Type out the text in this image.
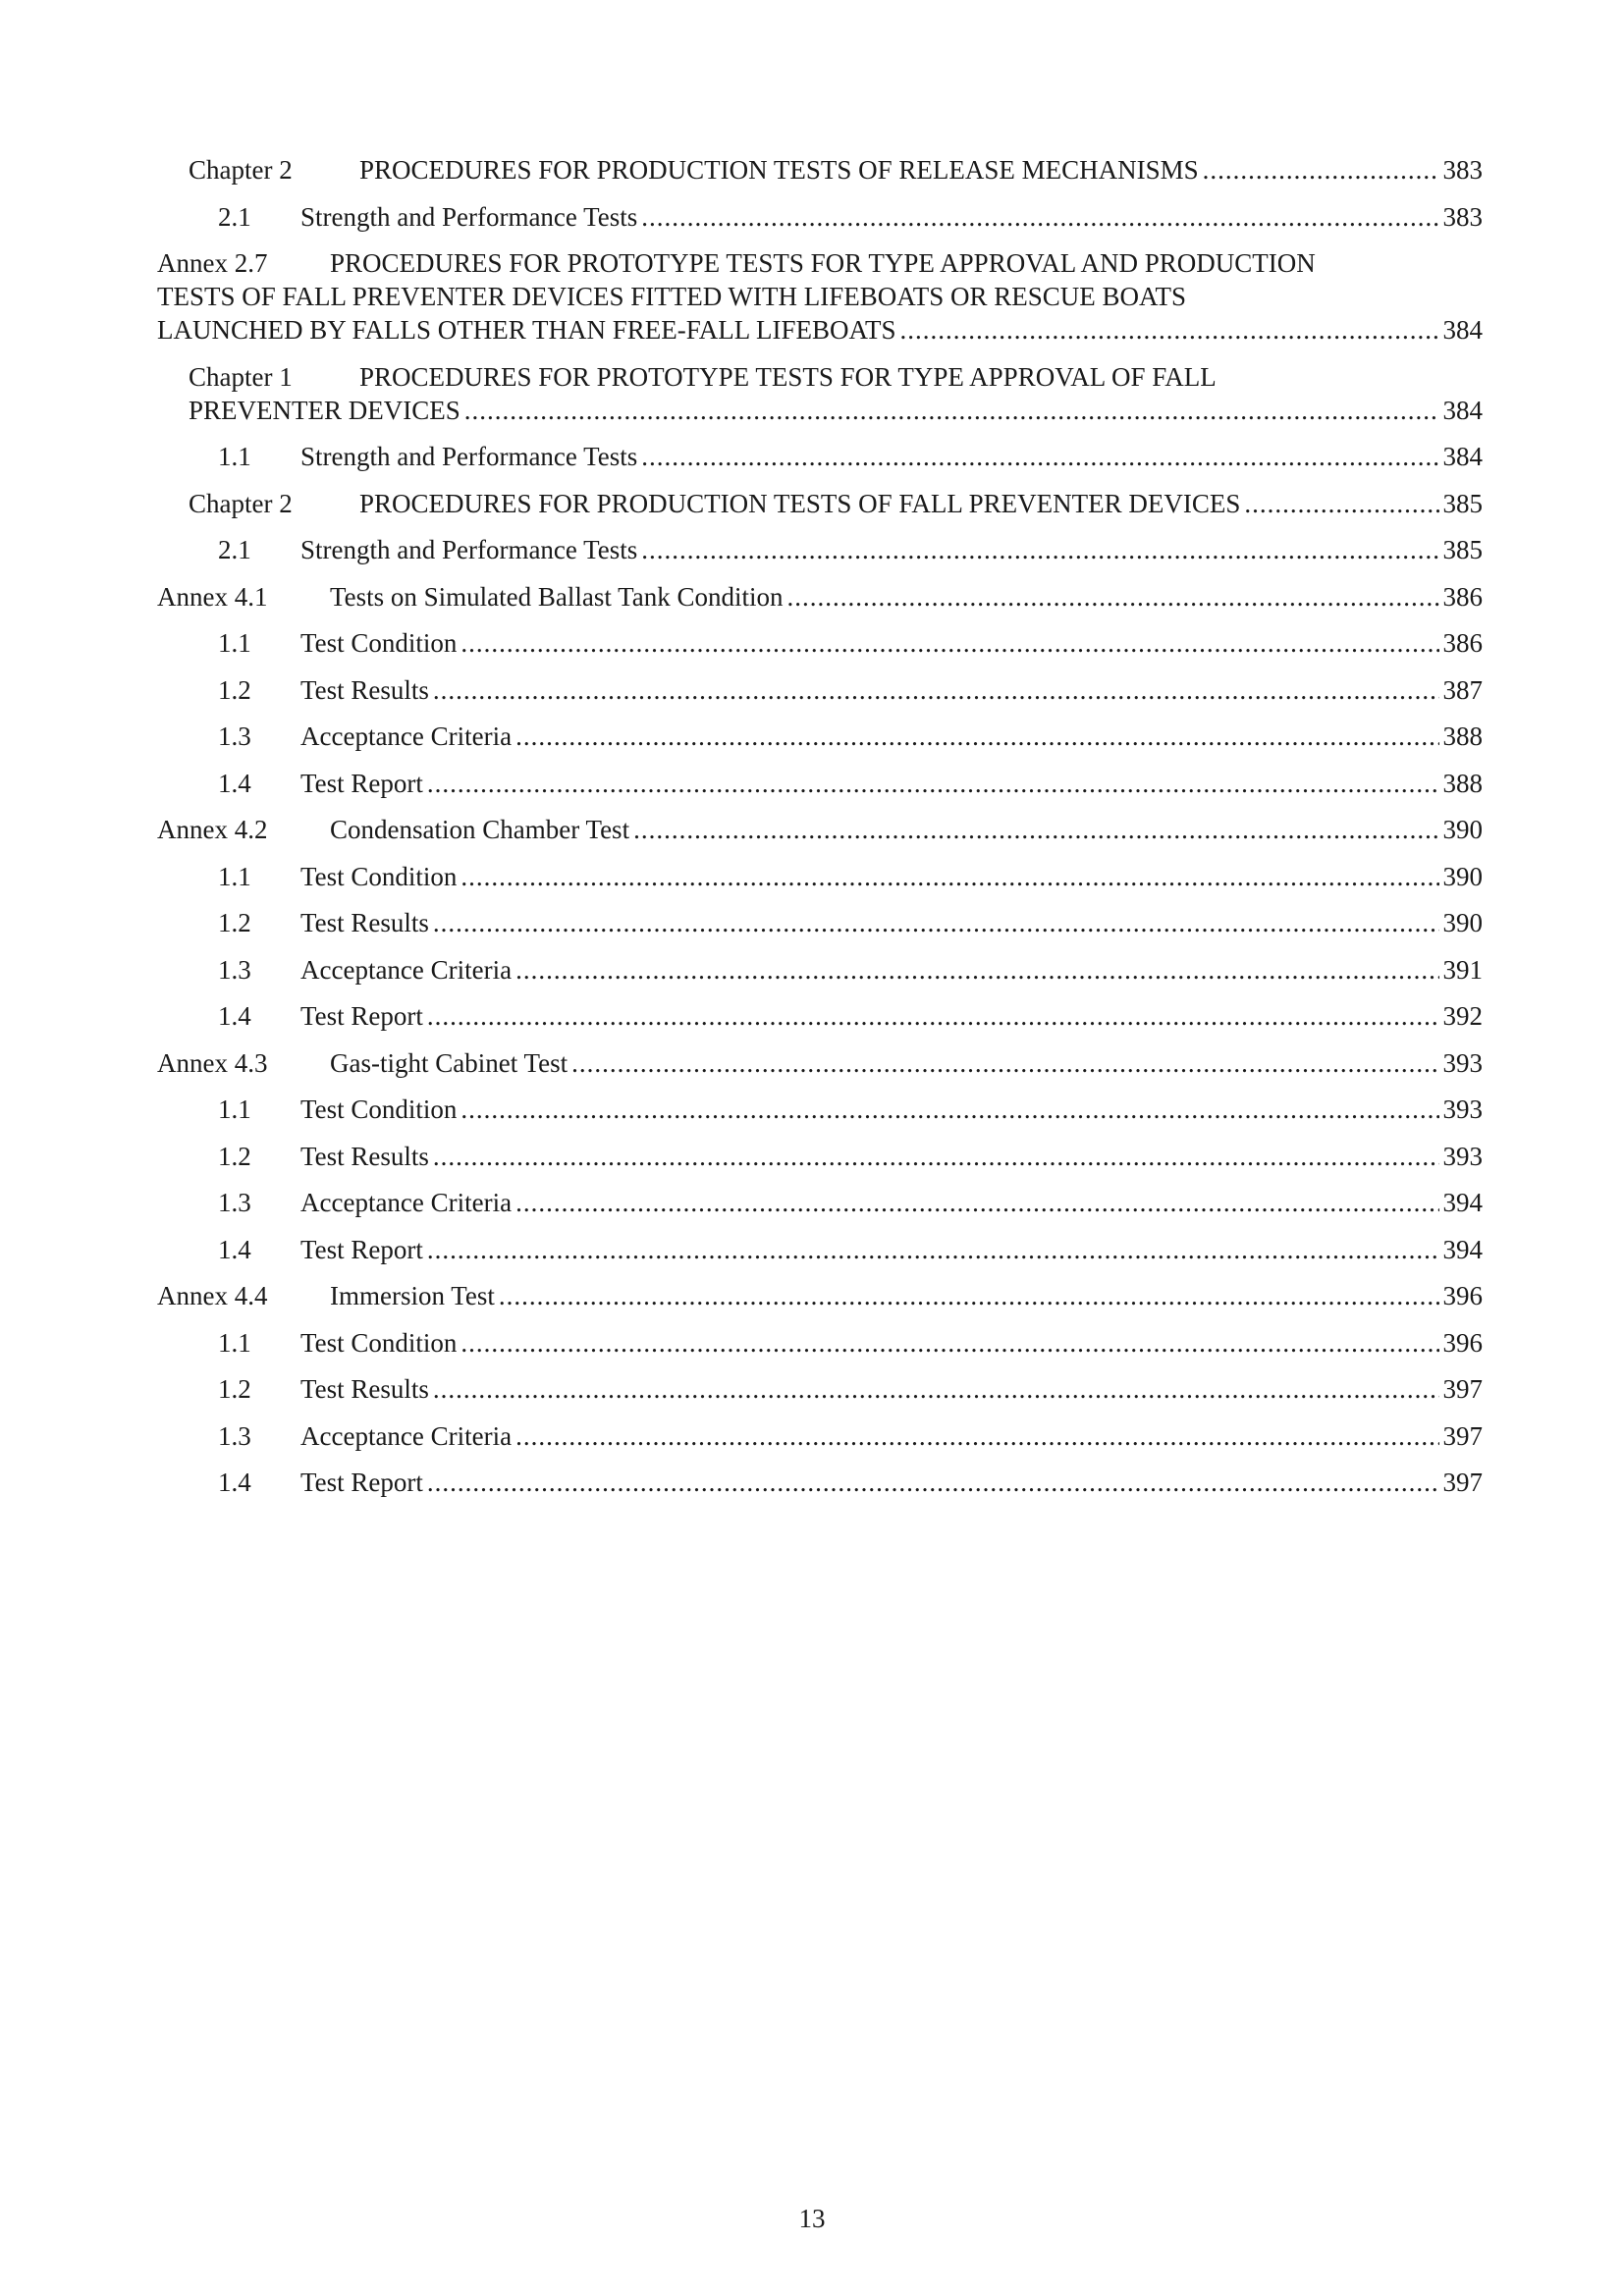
Chapter 2	PROCEDURES FOR PRODUCTION TESTS OF RELEASE MECHANISMS .....	383
2.1	Strength and Performance Tests .....	383
Annex 2.7	PROCEDURES FOR PROTOTYPE TESTS FOR TYPE APPROVAL AND PRODUCTION
TESTS OF FALL PREVENTER DEVICES FITTED WITH LIFEBOATS OR RESCUE BOATS
LAUNCHED BY FALLS OTHER THAN FREE-FALL LIFEBOATS .....	384
Chapter 1	PROCEDURES FOR PROTOTYPE TESTS FOR TYPE APPROVAL OF FALL
PREVENTER DEVICES .....	384
1.1	Strength and Performance Tests .....	384
Chapter 2	PROCEDURES FOR PRODUCTION TESTS OF FALL PREVENTER DEVICES .....	385
2.1	Strength and Performance Tests .....	385
Annex 4.1	Tests on Simulated Ballast Tank Condition .....	386
1.1	Test Condition .....	386
1.2	Test Results .....	387
1.3	Acceptance Criteria .....	388
1.4	Test Report .....	388
Annex 4.2	Condensation Chamber Test .....	390
1.1	Test Condition .....	390
1.2	Test Results .....	390
1.3	Acceptance Criteria .....	391
1.4	Test Report .....	392
Annex 4.3	Gas-tight Cabinet Test .....	393
1.1	Test Condition .....	393
1.2	Test Results .....	393
1.3	Acceptance Criteria .....	394
1.4	Test Report .....	394
Annex 4.4	Immersion Test .....	396
1.1	Test Condition .....	396
1.2	Test Results .....	397
1.3	Acceptance Criteria .....	397
1.4	Test Report .....	397
13
